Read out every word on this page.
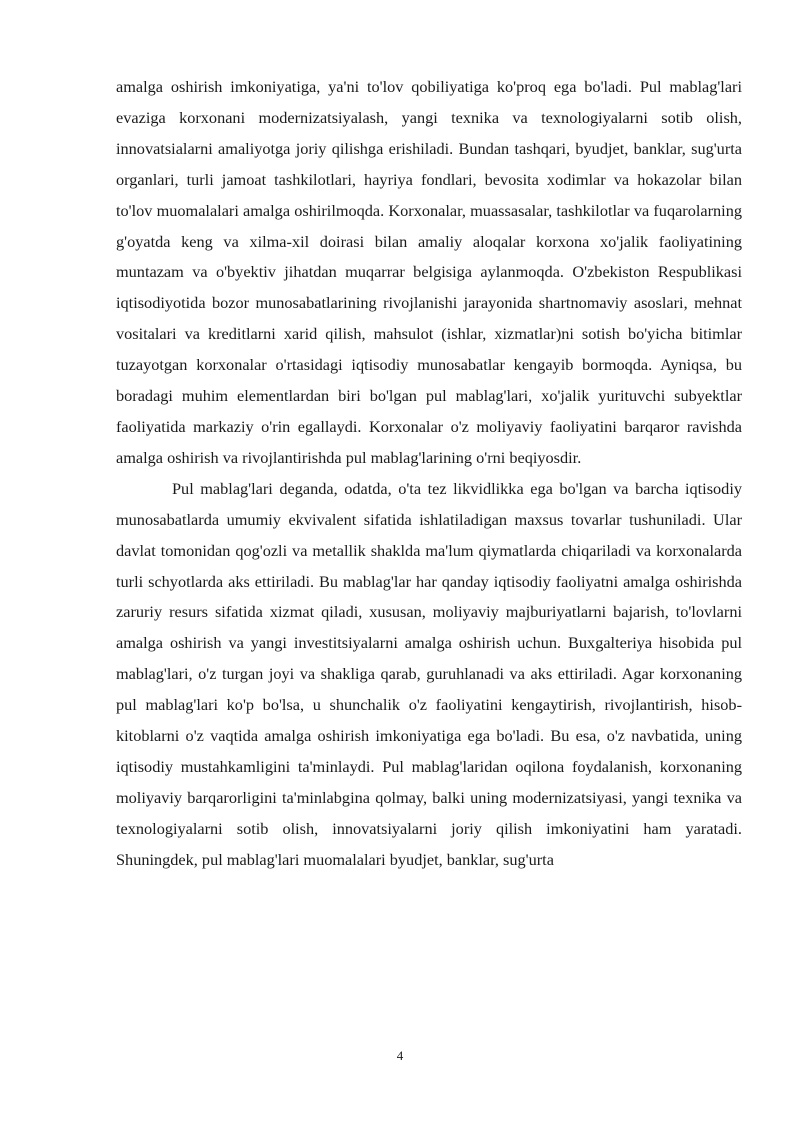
amalga oshirish imkoniyatiga, ya'ni to'lov qobiliyatiga ko'proq ega bo'ladi. Pul mablag'lari evaziga korxonani modernizatsiyalash, yangi texnika va texnologiyalarni sotib olish, innovatsialarni amaliyotga joriy qilishga erishiladi. Bundan tashqari, byudjet, banklar, sug'urta organlari, turli jamoat tashkilotlari, hayriya fondlari, bevosita xodimlar va hokazolar bilan to'lov muomalalari amalga oshirilmoqda. Korxonalar, muassasalar, tashkilotlar va fuqarolarning g'oyatda keng va xilma-xil doirasi bilan amaliy aloqalar korxona xo'jalik faoliyatining muntazam va o'byektiv jihatdan muqarrar belgisiga aylanmoqda. O'zbekiston Respublikasi iqtisodiyotida bozor munosabatlarining rivojlanishi jarayonida shartnomaviy asoslari, mehnat vositalari va kreditlarni xarid qilish, mahsulot (ishlar, xizmatlar)ni sotish bo'yicha bitimlar tuzayotgan korxonalar o'rtasidagi iqtisodiy munosabatlar kengayib bormoqda. Ayniqsa, bu boradagi muhim elementlardan biri bo'lgan pul mablag'lari, xo'jalik yurituvchi subyektlar faoliyatida markaziy o'rin egallaydi. Korxonalar o'z moliyaviy faoliyatini barqaror ravishda amalga oshirish va rivojlantirishda pul mablag'larining o'rni beqiyosdir.

Pul mablag'lari deganda, odatda, o'ta tez likvidlikka ega bo'lgan va barcha iqtisodiy munosabatlarda umumiy ekvivalent sifatida ishlatiladigan maxsus tovarlar tushuniladi. Ular davlat tomonidan qog'ozli va metallik shaklda ma'lum qiymatlarda chiqariladi va korxonalarda turli schyotlarda aks ettiriladi. Bu mablag'lar har qanday iqtisodiy faoliyatni amalga oshirishda zaruriy resurs sifatida xizmat qiladi, xususan, moliyaviy majburiyatlarni bajarish, to'lovlarni amalga oshirish va yangi investitsiyalarni amalga oshirish uchun. Buxgalteriya hisobida pul mablag'lari, o'z turgan joyi va shakliga qarab, guruhlanadi va aks ettiriladi. Agar korxonaning pul mablag'lari ko'p bo'lsa, u shunchalik o'z faoliyatini kengaytirish, rivojlantirish, hisob-kitoblarni o'z vaqtida amalga oshirish imkoniyatiga ega bo'ladi. Bu esa, o'z navbatida, uning iqtisodiy mustahkamligini ta'minlaydi. Pul mablag'laridan oqilona foydalanish, korxonaning moliyaviy barqarorligini ta'minlabgina qolmay, balki uning modernizatsiyasi, yangi texnika va texnologiyalarni sotib olish, innovatsiyalarni joriy qilish imkoniyatini ham yaratadi. Shuningdek, pul mablag'lari muomalalari byudjet, banklar, sug'urta

4
